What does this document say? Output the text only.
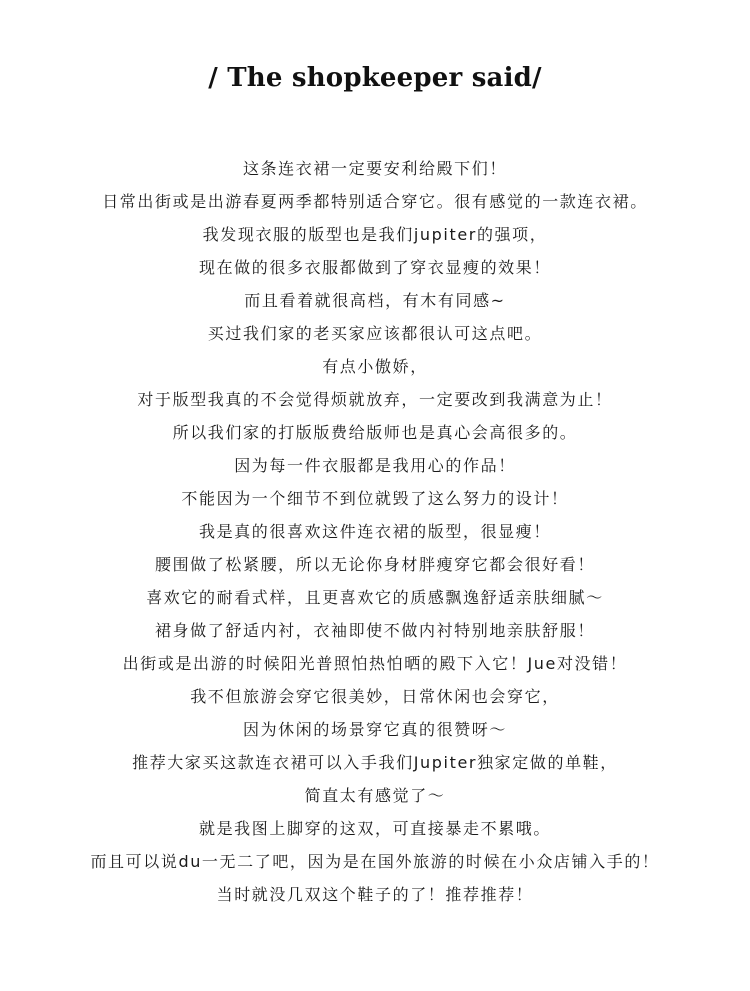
/ The shopkeeper said/
这条连衣裙一定要安利给殿下们！
日常出街或是出游春夏两季都特别适合穿它。很有感觉的一款连衣裙。
我发现衣服的版型也是我们jupiter的强项，
现在做的很多衣服都做到了穿衣显瘦的效果！
而且看着就很高档，有木有同感~
买过我们家的老买家应该都很认可这点吧。
有点小傲娇，
对于版型我真的不会觉得烦就放弃，一定要改到我满意为止！
所以我们家的打版版费给版师也是真心会高很多的。
因为每一件衣服都是我用心的作品！
不能因为一个细节不到位就毁了这么努力的设计！
我是真的很喜欢这件连衣裙的版型，很显瘦！
腰围做了松紧腰，所以无论你身材胖瘦穿它都会很好看！
喜欢它的耐看式样，且更喜欢它的质感飘逸舒适亲肤细腻～
裙身做了舒适内衬，衣袖即使不做内衬特别地亲肤舒服！
出街或是出游的时候阳光普照怕热怕晒的殿下入它！Jue对没错！
我不但旅游会穿它很美妙，日常休闲也会穿它，
因为休闲的场景穿它真的很赞呀～
推荐大家买这款连衣裙可以入手我们Jupiter独家定做的单鞋，
简直太有感觉了～
就是我图上脚穿的这双，可直接暴走不累哦。
而且可以说du一无二了吧，因为是在国外旅游的时候在小众店铺入手的！
当时就没几双这个鞋子的了！推荐推荐！
